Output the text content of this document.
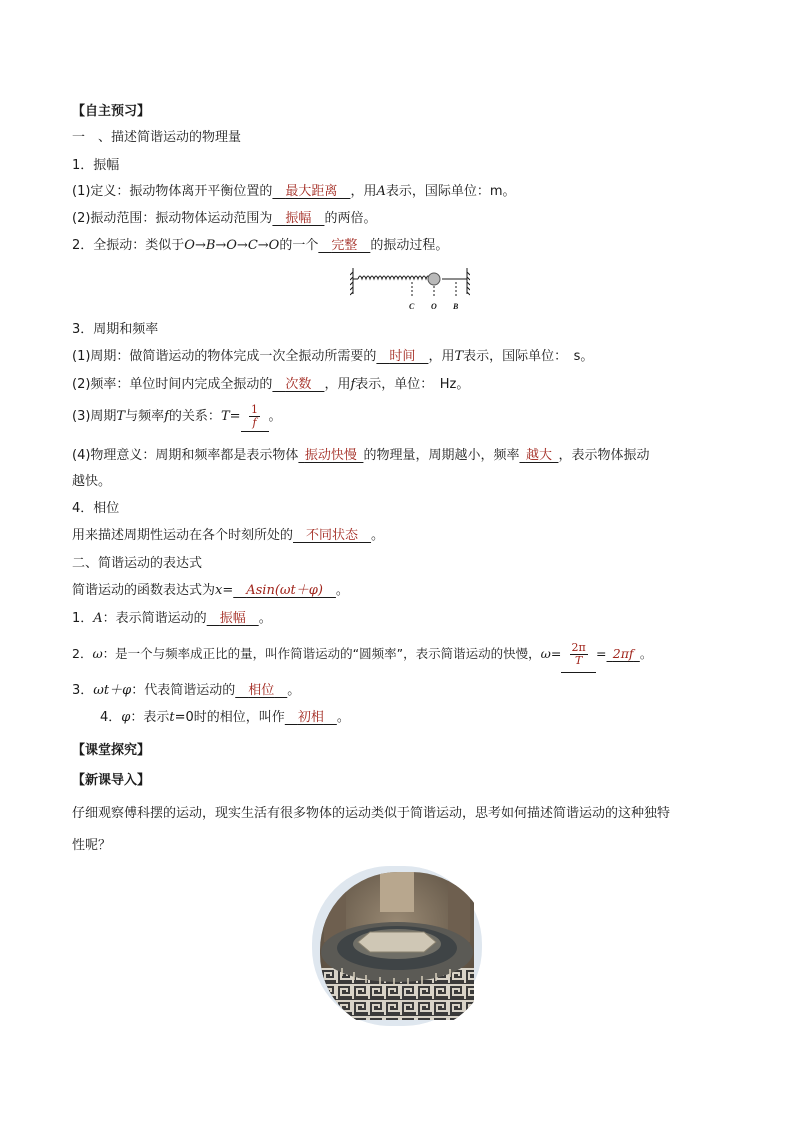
【自主预习】
一　、描述简谐运动的物理量
1．振幅
(1)定义：振动物体离开平衡位置的   最大距离   ，用A表示，国际单位：m。
(2)振动范围：振动物体运动范围为   振幅   的两倍。
2．全振动：类似于O→B→O→C→O的一个   完整   的振动过程。
C O B
3．周期和频率
(1)周期：做简谐运动的物体完成一次全振动所需要的   时间   ，用T表示，国际单位：　s。
(2)频率：单位时间内完成全振动的   次数   ，用f表示，单位：　Hz。
(3)周期T与频率f的关系：T=  $\frac{1}{f}$
  。
(4)物理意义：周期和频率都是表示物体  振动快慢  的物理量，周期越小，频率  越大  ，表示物体振动
越快。
4．相位
用来描述周期性运动在各个时刻所处的   不同状态   。
二、简谐运动的表达式
简谐运动的函数表达式为x=   Asin(ωt＋φ)   。
1．A：表示简谐运动的   振幅   。
2．ω：是一个与频率成正比的量，叫作简谐运动的“圆频率”，表示简谐运动的快慢，ω=  $\frac{2\pi}{T}$
  =  2πf  。
3．ωt＋φ：代表简谐运动的   相位   。
4．φ：表示t=0时的相位，叫作   初相   。
【课堂探究】
【新课导入】
仔细观察傅科摆的运动，现实生活有很多物体的运动类似于简谐运动，思考如何描述简谐运动的这种独特
性呢？
